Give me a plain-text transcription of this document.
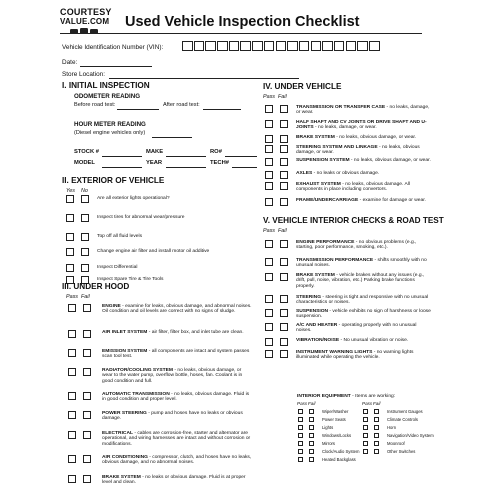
COURTESY
VALUE.COM	Used Vehicle Inspection Checklist
Vehicle Identification Number (VIN):
Date:
Store Location:
I. INITIAL INSPECTION
ODOMETER READING
Before road test:	After road test:
HOUR METER READING
(Diesel engine vehicles only)
STOCK #	MAKE	RO#
MODEL	YEAR	TECH#
II. EXTERIOR OF VEHICLE
Yes No
Are all exterior lights operational?
Inspect tires for abnormal wear/pressure
Top off all fluid levels
Change engine air filter and install motor oil additive
Inspect Differential
Inspect Spare Tire & Tire Tools
III. UNDER HOOD
Pass Fail
ENGINE - examine for leaks, obvious damage, and abnormal noises. Oil condition and oil levels are correct with no signs of sludge.
AIR INLET SYSTEM - air filter, filter box, and inlet tube are clean.
EMISSION SYSTEM - all components are intact and system passes scan tool test.
RADIATOR/COOLING SYSTEM - no leaks, obvious damage, or wear to the water pump, overflow bottle, hoses, fan. Coolant is in good condition and full.
AUTOMATIC TRANSMISSION - no leaks, obvious damage. Fluid is in good condition and proper level.
POWER STEERING - pump and hoses have no leaks or obvious damage.
ELECTRICAL - cables are corrosion-free, starter and alternator are operational, and wiring harnesses are intact and without corrosion or modifications.
AIR CONDITIONING - compressor, clutch, and hoses have no leaks, obvious damage, and no abnormal noises.
BRAKE SYSTEM - no leaks or obvious damage. Fluid is at proper level and clean.
IV. UNDER VEHICLE
Pass Fail
TRANSMISSION OR TRANSFER CASE - no leaks, damage, or wear.
HALF SHAFT AND CV JOINTS OR DRIVE SHAFT AND U-JOINTS - no leaks, damage, or wear.
BRAKE SYSTEM - no leaks, obvious damage, or wear.
STEERING SYSTEM AND LINKAGE - no leaks, obvious damage, or wear.
SUSPENSION SYSTEM - no leaks, obvious damage, or wear.
AXLES - no leaks or obvious damage.
EXHAUST SYSTEM - no leaks, obvious damage. All components in place including convertors.
FRAME/UNDERCARRIAGE - examine for damage or wear.
V. VEHICLE INTERIOR CHECKS & ROAD TEST
Pass Fail
ENGINE PERFORMANCE - no obvious problems (e.g., starting, poor performance, smoking, etc.).
TRANSMISSION PERFORMANCE - shifts smoothly with no unusual noises.
BRAKE SYSTEM - vehicle brakes without any issues (e.g., drift, pull, noise, vibration, etc.) Parking brake functions properly.
STEERING - steering is tight and responsive with no unusual characteristics or noises.
SUSPENSION - vehicle exhibits no sign of harshness or loose suspension.
A/C AND HEATER - operating properly with no unusual noises.
VIBRATION/NOISE - No unusual vibration or noise.
INSTRUMENT WARNING LIGHTS - no warning lights illuminated while operating the vehicle.
INTERIOR EQUIPMENT - Items are working:
PassFail	PassFail
Wiper/Washer
Power Seats
Lights
Windows/Locks
Mirrors
Clock/Audio System
Heated Backglass
Instrument Gauges
Climate Controls
Horn
Navigation/Video System
Moonroof
Other Switches
